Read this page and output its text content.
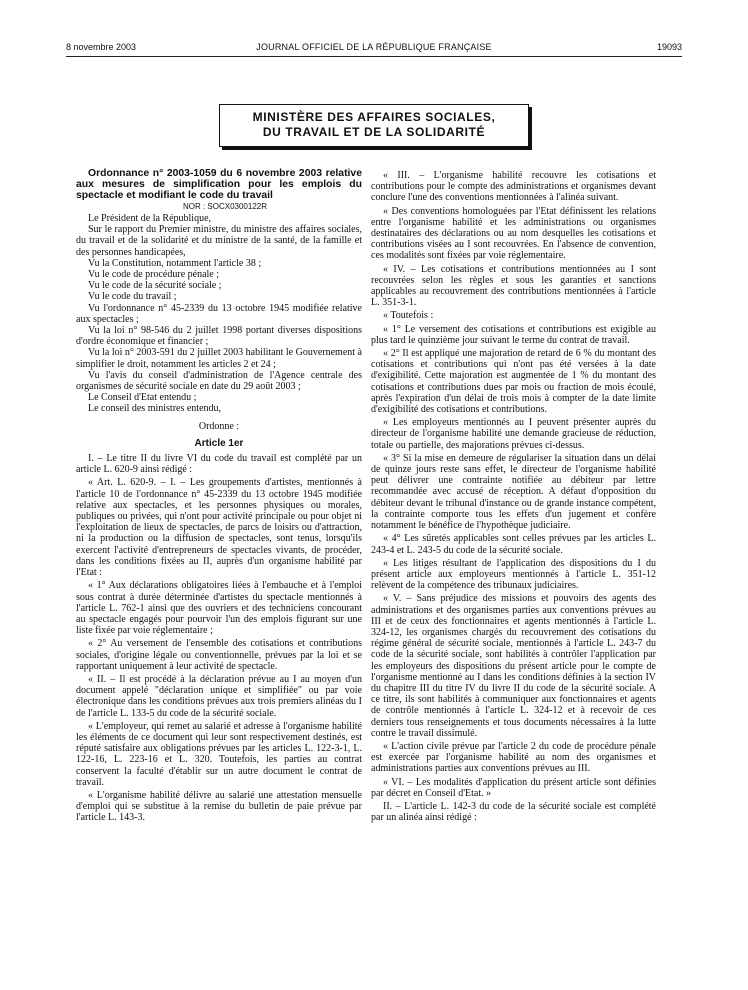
8 novembre 2003	JOURNAL OFFICIEL DE LA RÉPUBLIQUE FRANÇAISE	19093
MINISTÈRE DES AFFAIRES SOCIALES,
DU TRAVAIL ET DE LA SOLIDARITÉ

Ordonnance n° 2003-1059 du 6 novembre 2003 relative aux mesures de simplification pour les emplois du spectacle et modifiant le code du travail

NOR : SOCX0300122R

Le Président de la République,

Sur le rapport du Premier ministre, du ministre des affaires sociales, du travail et de la solidarité et du ministre de la santé, de la famille et des personnes handicapées,

Vu la Constitution, notamment l'article 38 ;

Vu le code de procédure pénale ;

Vu le code de la sécurité sociale ;

Vu le code du travail ;

Vu l'ordonnance n° 45-2339 du 13 octobre 1945 modifiée relative aux spectacles ;

Vu la loi n° 98-546 du 2 juillet 1998 portant diverses dispositions d'ordre économique et financier ;

Vu la loi n° 2003-591 du 2 juillet 2003 habilitant le Gouvernement à simplifier le droit, notamment les articles 2 et 24 ;

Vu l'avis du conseil d'administration de l'Agence centrale des organismes de sécurité sociale en date du 29 août 2003 ;

Le Conseil d'Etat entendu ;

Le conseil des ministres entendu,

Ordonne :

Article 1er

I. – Le titre II du livre VI du code du travail est complété par un article L. 620-9 ainsi rédigé :

« Art. L. 620-9. – I. – Les groupements d'artistes, mentionnés à l'article 10 de l'ordonnance n° 45-2339 du 13 octobre 1945 modifiée relative aux spectacles, et les personnes physiques ou morales, publiques ou privées, qui n'ont pour activité principale ou pour objet ni l'exploitation de lieux de spectacles, de parcs de loisirs ou d'attraction, ni la production ou la diffusion de spectacles, sont tenus, lorsqu'ils exercent l'activité d'entrepreneurs de spectacles vivants, de procéder, dans les conditions fixées au II, auprès d'un organisme habilité par l'Etat :

« 1° Aux déclarations obligatoires liées à l'embauche et à l'emploi sous contrat à durée déterminée d'artistes du spectacle mentionnés à l'article L. 762-1 ainsi que des ouvriers et des techniciens concourant au spectacle engagés pour pourvoir l'un des emplois figurant sur une liste fixée par voie réglementaire ;

« 2° Au versement de l'ensemble des cotisations et contributions sociales, d'origine légale ou conventionnelle, prévues par la loi et se rapportant uniquement à leur activité de spectacle.

« II. – Il est procédé à la déclaration prévue au I au moyen d'un document appelé "déclaration unique et simplifiée" ou par voie électronique dans les conditions prévues aux trois premiers alinéas du I de l'article L. 133-5 du code de la sécurité sociale.

« L'employeur, qui remet au salarié et adresse à l'organisme habilité les éléments de ce document qui leur sont respectivement destinés, est réputé satisfaire aux obligations prévues par les articles L. 122-3-1, L. 122-16, L. 223-16 et L. 320. Toutefois, les parties au contrat conservent la faculté d'établir sur un autre document le contrat de travail.

« L'organisme habilité délivre au salarié une attestation mensuelle d'emploi qui se substitue à la remise du bulletin de paie prévue par l'article L. 143-3.

« III. – L'organisme habilité recouvre les cotisations et contributions pour le compte des administrations et organismes devant conclure l'une des conventions mentionnées à l'alinéa suivant.

« Des conventions homologuées par l'Etat définissent les relations entre l'organisme habilité et les administrations ou organismes destinataires des déclarations ou au nom desquelles les cotisations et contributions visées au I sont recouvrées. En l'absence de convention, ces modalités sont fixées par voie réglementaire.

« IV. – Les cotisations et contributions mentionnées au I sont recouvrées selon les règles et sous les garanties et sanctions applicables au recouvrement des contributions mentionnées à l'article L. 351-3-1.

« Toutefois :

« 1° Le versement des cotisations et contributions est exigible au plus tard le quinzième jour suivant le terme du contrat de travail.

« 2° Il est appliqué une majoration de retard de 6 % du montant des cotisations et contributions qui n'ont pas été versées à la date d'exigibilité. Cette majoration est augmentée de 1 % du montant des cotisations et contributions dues par mois ou fraction de mois écoulé, après l'expiration d'un délai de trois mois à compter de la date limite d'exigibilité des cotisations et contributions.

« Les employeurs mentionnés au I peuvent présenter auprès du directeur de l'organisme habilité une demande gracieuse de réduction, totale ou partielle, des majorations prévues ci-dessus.

« 3° Si la mise en demeure de régulariser la situation dans un délai de quinze jours reste sans effet, le directeur de l'organisme habilité peut délivrer une contrainte notifiée au débiteur par lettre recommandée avec accusé de réception. A défaut d'opposition du débiteur devant le tribunal d'instance ou de grande instance compétent, la contrainte comporte tous les effets d'un jugement et confère notamment le bénéfice de l'hypothèque judiciaire.

« 4° Les sûretés applicables sont celles prévues par les articles L. 243-4 et L. 243-5 du code de la sécurité sociale.

« Les litiges résultant de l'application des dispositions du I du présent article aux employeurs mentionnés à l'article L. 351-12 relèvent de la compétence des tribunaux judiciaires.

« V. – Sans préjudice des missions et pouvoirs des agents des administrations et des organismes parties aux conventions prévues au III et de ceux des fonctionnaires et agents mentionnés à l'article L. 324-12, les organismes chargés du recouvrement des cotisations du régime général de sécurité sociale, mentionnés à l'article L. 243-7 du code de la sécurité sociale, sont habilités à contrôler l'application par les employeurs des dispositions du présent article pour le compte de l'organisme mentionné au I dans les conditions définies à la section IV du chapitre III du titre IV du livre II du code de la sécurité sociale. A ce titre, ils sont habilités à communiquer aux fonctionnaires et agents de contrôle mentionnés à l'article L. 324-12 et à recevoir de ces derniers tous renseignements et tous documents nécessaires à la lutte contre le travail dissimulé.

« L'action civile prévue par l'article 2 du code de procédure pénale est exercée par l'organisme habilité au nom des organismes et administrations parties aux conventions prévues au III.

« VI. – Les modalités d'application du présent article sont définies par décret en Conseil d'Etat. »

II. – L'article L. 142-3 du code de la sécurité sociale est complété par un alinéa ainsi rédigé :
